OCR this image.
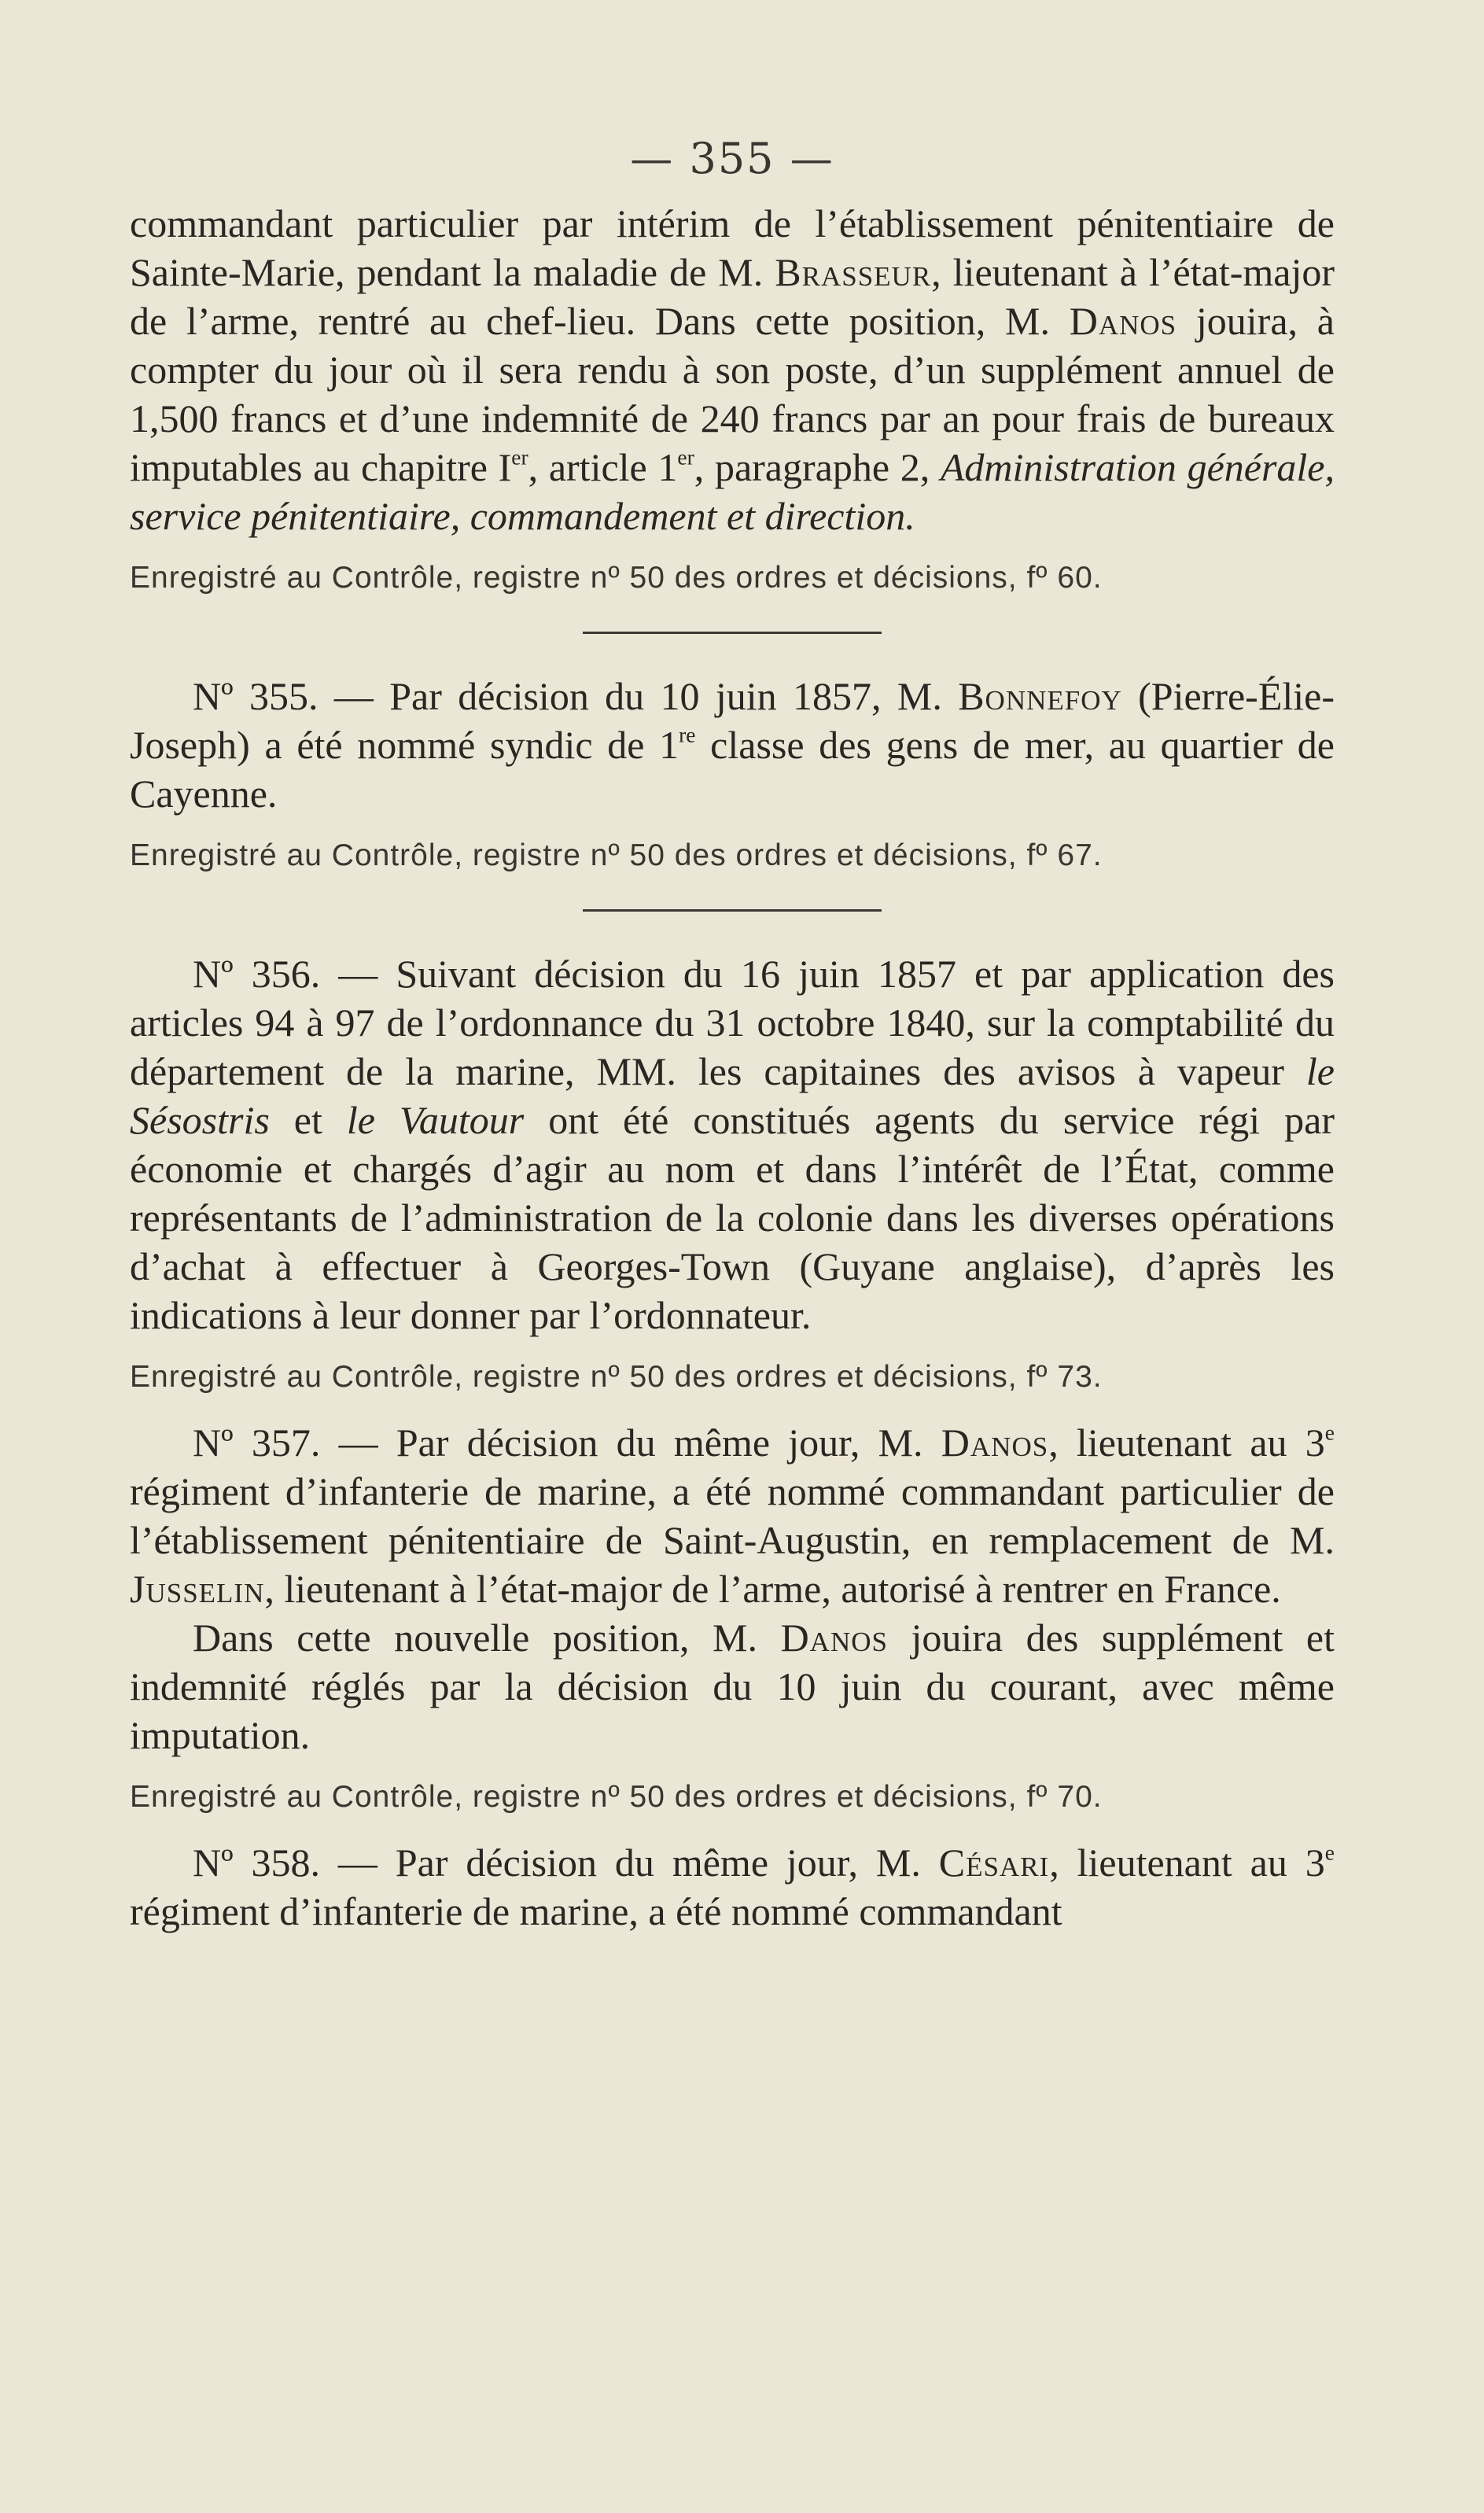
— 355 —

commandant particulier par intérim de l’établissement pénitentiaire de Sainte-Marie, pendant la maladie de M. Brasseur, lieutenant à l’état-major de l’arme, rentré au chef-lieu. Dans cette position, M. Danos jouira, à compter du jour où il sera rendu à son poste, d’un supplément annuel de 1,500 francs et d’une indemnité de 240 francs par an pour frais de bureaux imputables au chapitre Ier, article 1er, paragraphe 2, Administration générale, service pénitentiaire, commandement et direction.

Enregistré au Contrôle, registre nº 50 des ordres et décisions, fº 60.

Nº 355. — Par décision du 10 juin 1857, M. Bonnefoy (Pierre-Élie-Joseph) a été nommé syndic de 1re classe des gens de mer, au quartier de Cayenne.

Enregistré au Contrôle, registre nº 50 des ordres et décisions, fº 67.

Nº 356. — Suivant décision du 16 juin 1857 et par application des articles 94 à 97 de l’ordonnance du 31 octobre 1840, sur la comptabilité du département de la marine, MM. les capitaines des avisos à vapeur le Sésostris et le Vautour ont été constitués agents du service régi par économie et chargés d’agir au nom et dans l’intérêt de l’État, comme représentants de l’administration de la colonie dans les diverses opérations d’achat à effectuer à Georges-Town (Guyane anglaise), d’après les indications à leur donner par l’ordonnateur.

Enregistré au Contrôle, registre nº 50 des ordres et décisions, fº 73.

Nº 357. — Par décision du même jour, M. Danos, lieutenant au 3e régiment d’infanterie de marine, a été nommé commandant particulier de l’établissement pénitentiaire de Saint-Augustin, en remplacement de M. Jusselin, lieutenant à l’état-major de l’arme, autorisé à rentrer en France.

Dans cette nouvelle position, M. Danos jouira des supplément et indemnité réglés par la décision du 10 juin du courant, avec même imputation.

Enregistré au Contrôle, registre nº 50 des ordres et décisions, fº 70.

Nº 358. — Par décision du même jour, M. Césari, lieutenant au 3e régiment d’infanterie de marine, a été nommé commandant
